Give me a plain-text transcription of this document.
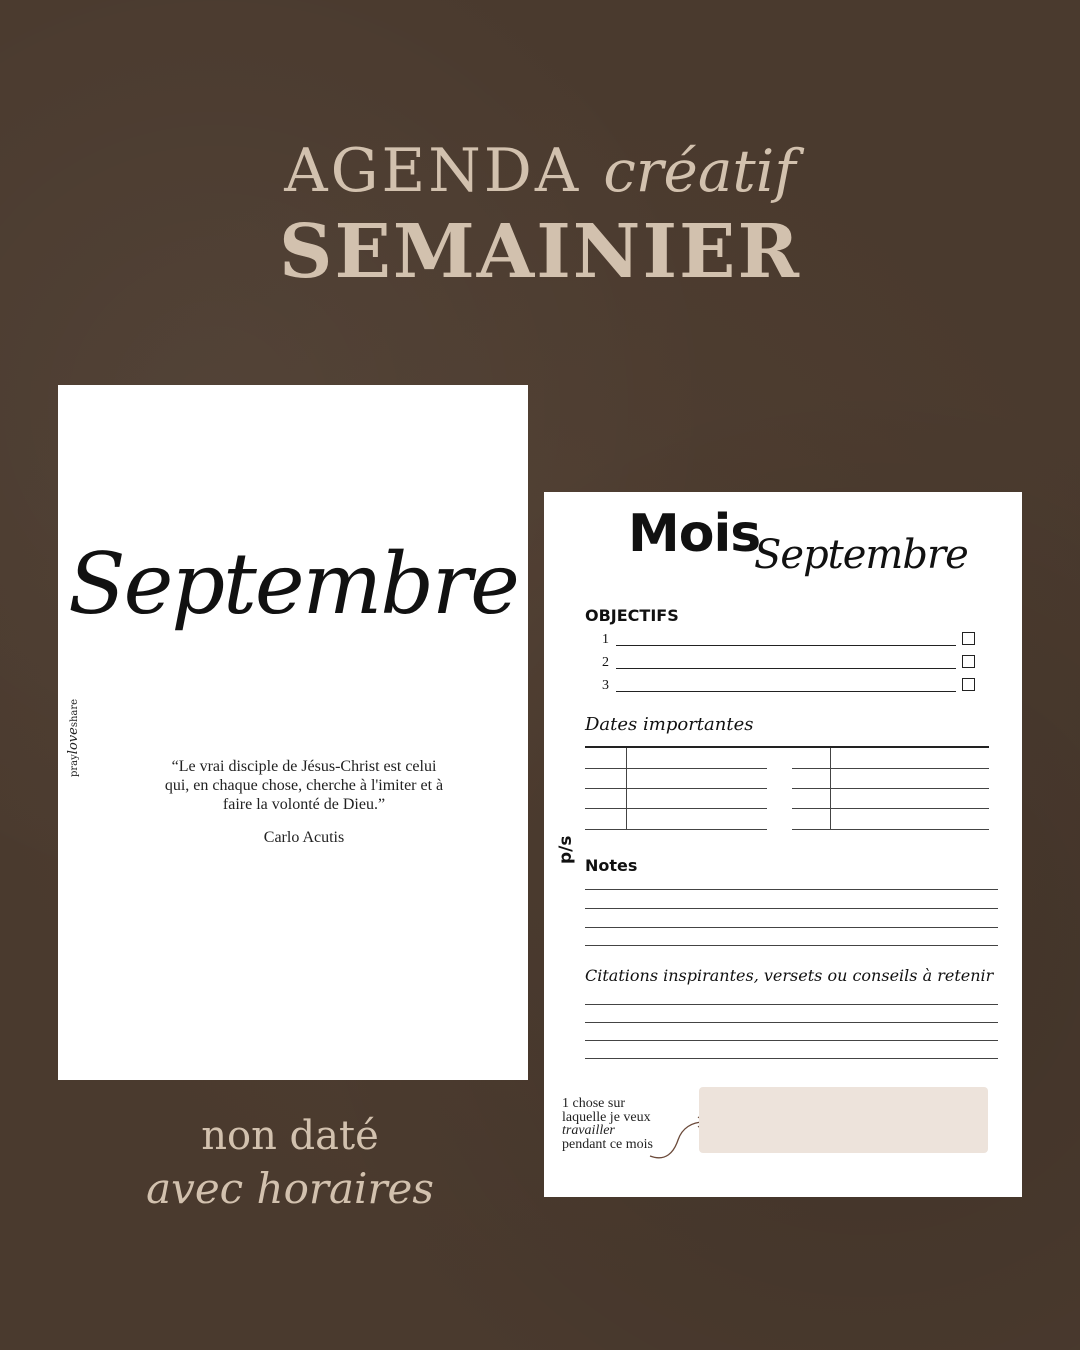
AGENDA créatif
SEMAINIER
Septembre
prayloveshare
“Le vrai disciple de Jésus-Christ est celui qui, en chaque chose, cherche à l'imiter et à faire la volonté de Dieu.”
Carlo Acutis
Mois
Septembre
p/s
OBJECTIFS
1
2
3
Dates importantes
Notes
Citations inspirantes, versets ou conseils à retenir
1 chose sur
laquelle je veux
travailler
pendant ce mois
non daté
avec horaires
